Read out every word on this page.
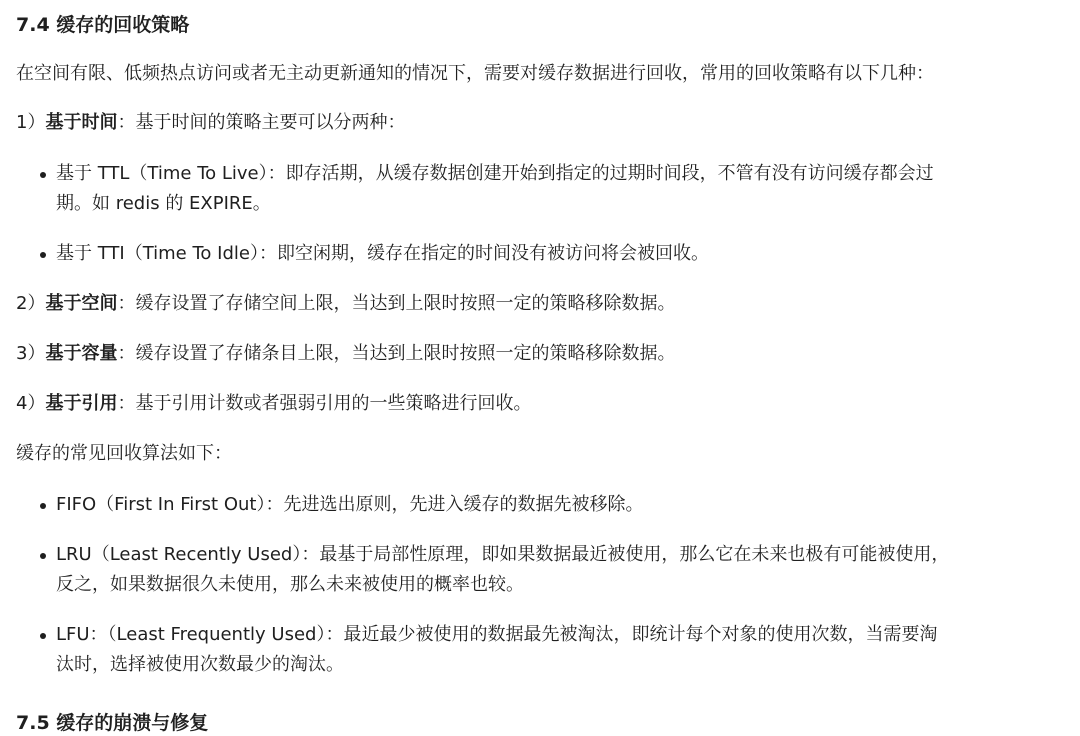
7.4 缓存的回收策略

在空间有限、低频热点访问或者无主动更新通知的情况下，需要对缓存数据进行回收，常用的回收策略有以下几种：

1）基于时间：基于时间的策略主要可以分两种：

基于 TTL（Time To Live）：即存活期，从缓存数据创建开始到指定的过期时间段，不管有没有访问缓存都会过
期。如 redis 的 EXPIRE。
基于 TTI（Time To Idle）：即空闲期，缓存在指定的时间没有被访问将会被回收。

2）基于空间：缓存设置了存储空间上限，当达到上限时按照一定的策略移除数据。

3）基于容量：缓存设置了存储条目上限，当达到上限时按照一定的策略移除数据。

4）基于引用：基于引用计数或者强弱引用的一些策略进行回收。

缓存的常见回收算法如下：

FIFO（First In First Out）：先进选出原则，先进入缓存的数据先被移除。
LRU（Least Recently Used）：最基于局部性原理，即如果数据最近被使用，那么它在未来也极有可能被使用，
反之，如果数据很久未使用，那么未来被使用的概率也较。
LFU：（Least Frequently Used）：最近最少被使用的数据最先被淘汰，即统计每个对象的使用次数，当需要淘
汰时，选择被使用次数最少的淘汰。
7.5 缓存的崩溃与修复
